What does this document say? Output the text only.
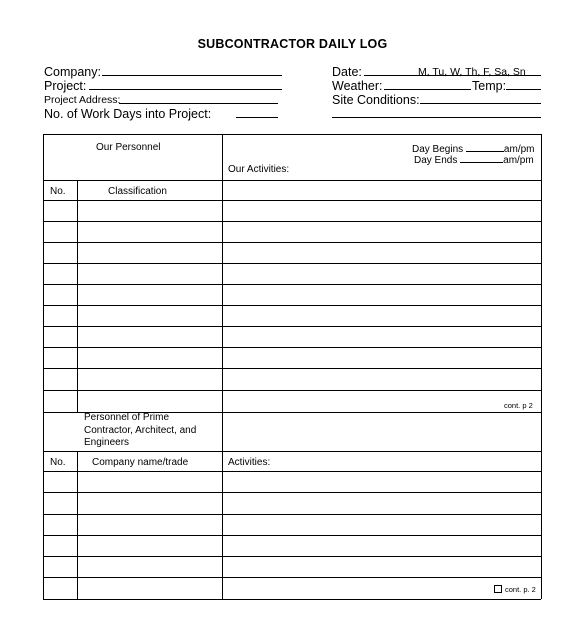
SUBCONTRACTOR DAILY LOG
Company:
Project:
Project Address:
No. of Work Days into Project:
Date:	M, Tu, W, Th, F, Sa, Sn
Weather:	Temp:
Site Conditions:
Our Personnel
Our Activities:
Day Begins	am/pm
Day Ends	am/pm
No.	Classification
cont. p 2
Personnel of Prime
Contractor, Architect, and
Engineers
No.	Company name/trade	Activities:
cont. p. 2
